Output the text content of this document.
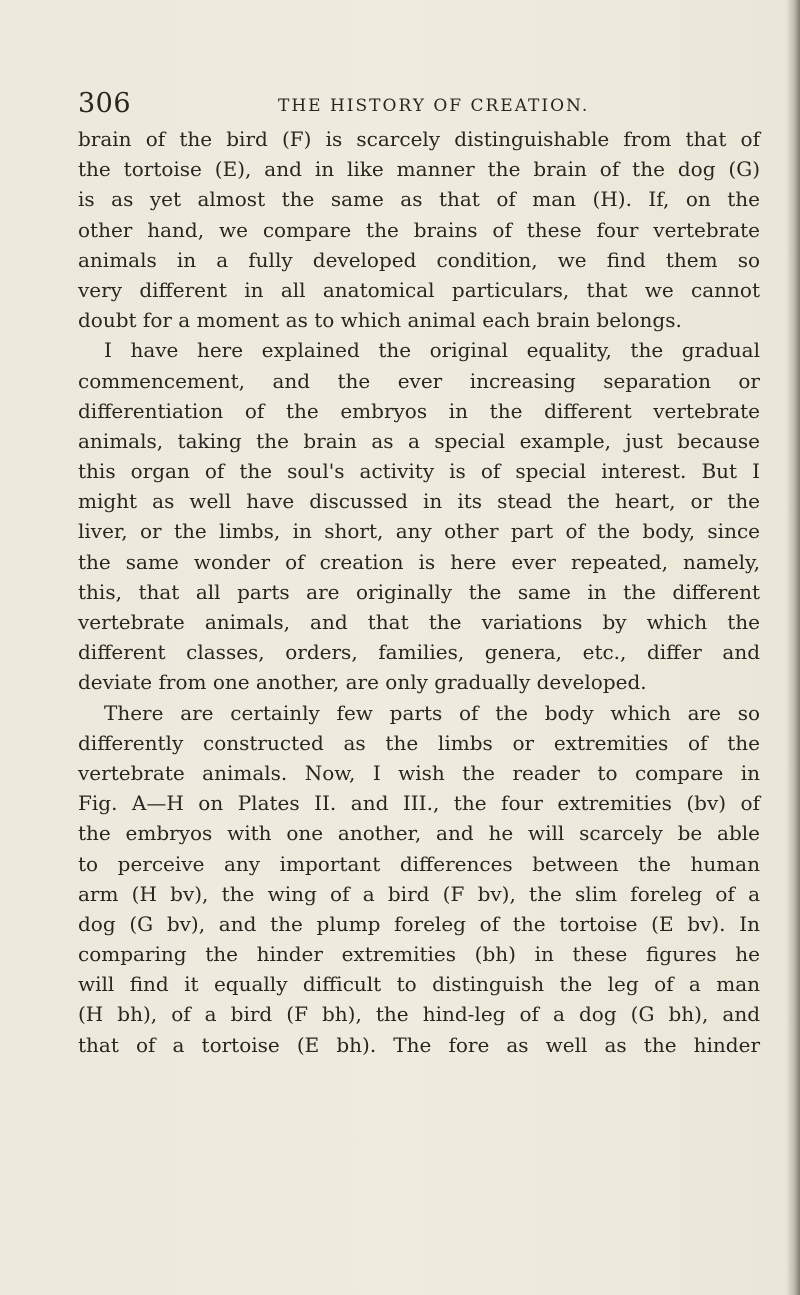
306	THE HISTORY OF CREATION.
brain of the bird (F) is scarcely distinguishable from that of
the tortoise (E), and in like manner the brain of the dog (G)
is as yet almost the same as that of man (H). If, on the
other hand, we compare the brains of these four vertebrate
animals in a fully developed condition, we find them so
very different in all anatomical particulars, that we cannot
doubt for a moment as to which animal each brain belongs.
I have here explained the original equality, the gradual
commencement, and the ever increasing separation or
differentiation of the embryos in the different vertebrate
animals, taking the brain as a special example, just because
this organ of the soul's activity is of special interest. But I
might as well have discussed in its stead the heart, or the
liver, or the limbs, in short, any other part of the body, since
the same wonder of creation is here ever repeated, namely,
this, that all parts are originally the same in the different
vertebrate animals, and that the variations by which the
different classes, orders, families, genera, etc., differ and
deviate from one another, are only gradually developed.
There are certainly few parts of the body which are so
differently constructed as the limbs or extremities of the
vertebrate animals. Now, I wish the reader to compare in
Fig. A—H on Plates II. and III., the four extremities (bv) of
the embryos with one another, and he will scarcely be able
to perceive any important differences between the human
arm (H bv), the wing of a bird (F bv), the slim foreleg of a
dog (G bv), and the plump foreleg of the tortoise (E bv). In
comparing the hinder extremities (bh) in these figures he
will find it equally difficult to distinguish the leg of a man
(H bh), of a bird (F bh), the hind-leg of a dog (G bh), and
that of a tortoise (E bh). The fore as well as the hinder
